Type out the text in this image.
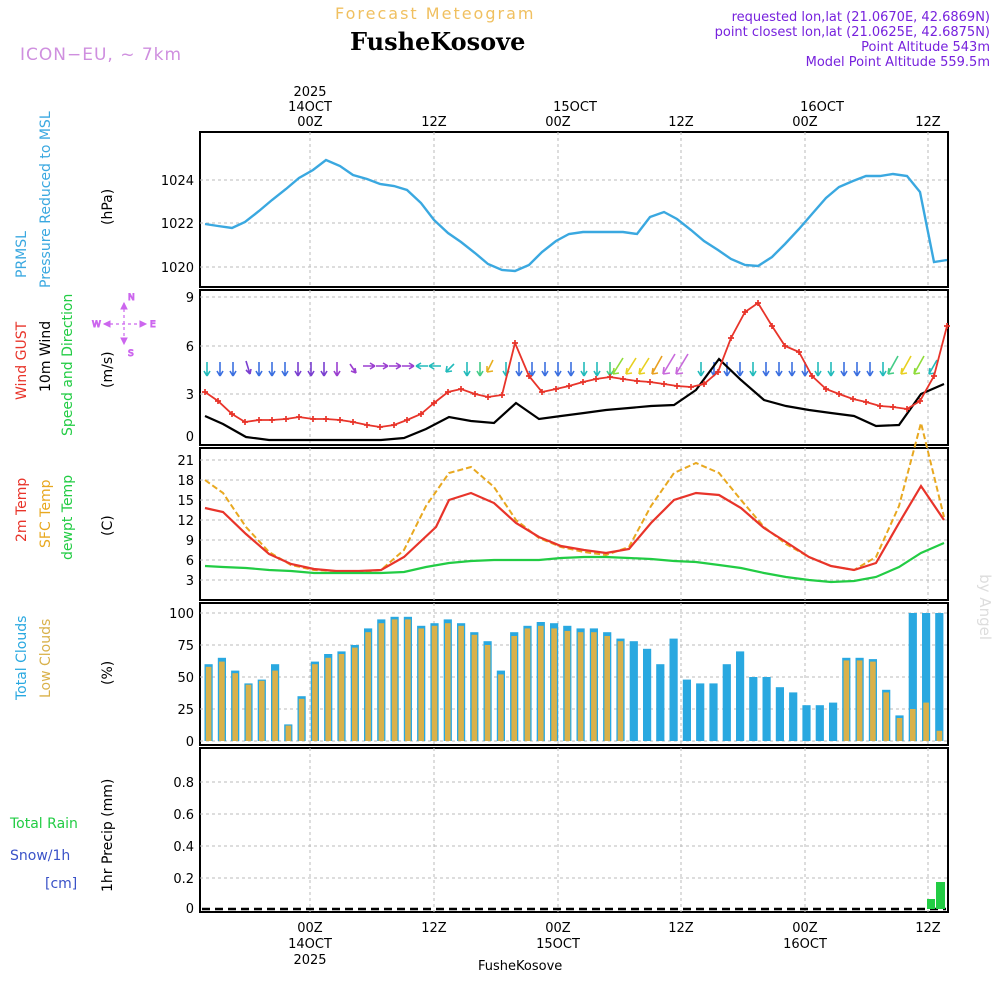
Forecast Meteogram
FusheKosove
ICON−EU, ~ 7km
requested lon,lat (21.0670E, 42.6869N)
point closest lon,lat (21.0625E, 42.6875N)
Point Altitude 543m
Model Point Altitude 559.5m
by Angel
2025
14OCT
00Z	12Z
15OCT
00Z	12Z
16OCT
00Z	12Z
1024
1022
1020
PRMSL Pressure Reduced to MSL	(hPa)
9
6
3
0
N
W	E
S
Wind GUST 10m Wind Speed and Direction (m/s)
21
18
15
12
9
6
3
2m Temp SFC Temp dewpt Temp (C)
100
75
50
25
0
Total Clouds Low Clouds	(%)
0.8
0.6
0.4
0.2
0
Total Rain
Snow/1h
[cm] 1hr Precip (mm)
00Z
14OCT
2025
12Z	00Z
15OCT
12Z	00Z
16OCT
12Z
FusheKosove
